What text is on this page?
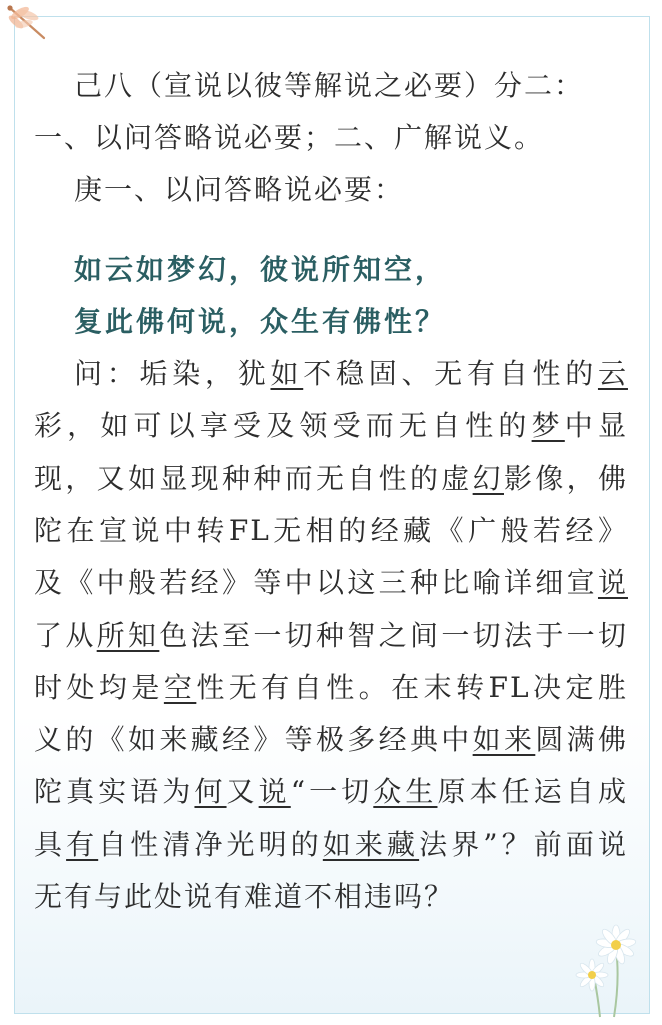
己八（宣说以彼等解说之必要）分二：
一、以问答略说必要；二、广解说义。
庚一、以问答略说必要：
如云如梦幻，彼说所知空，
复此佛何说，众生有佛性？
问：垢染，犹如不稳固、无有自性的云
彩，如可以享受及领受而无自性的梦中显
现，又如显现种种而无自性的虚幻影像，佛
陀在宣说中转FL无相的经藏《广般若经》
及《中般若经》等中以这三种比喻详细宣说
了从所知色法至一切种智之间一切法于一切
时处均是空性无有自性。在末转FL决定胜
义的《如来藏经》等极多经典中如来圆满佛
陀真实语为何又说“一切众生原本任运自成
具有自性清净光明的如来藏法界”？前面说
无有与此处说有难道不相违吗？
